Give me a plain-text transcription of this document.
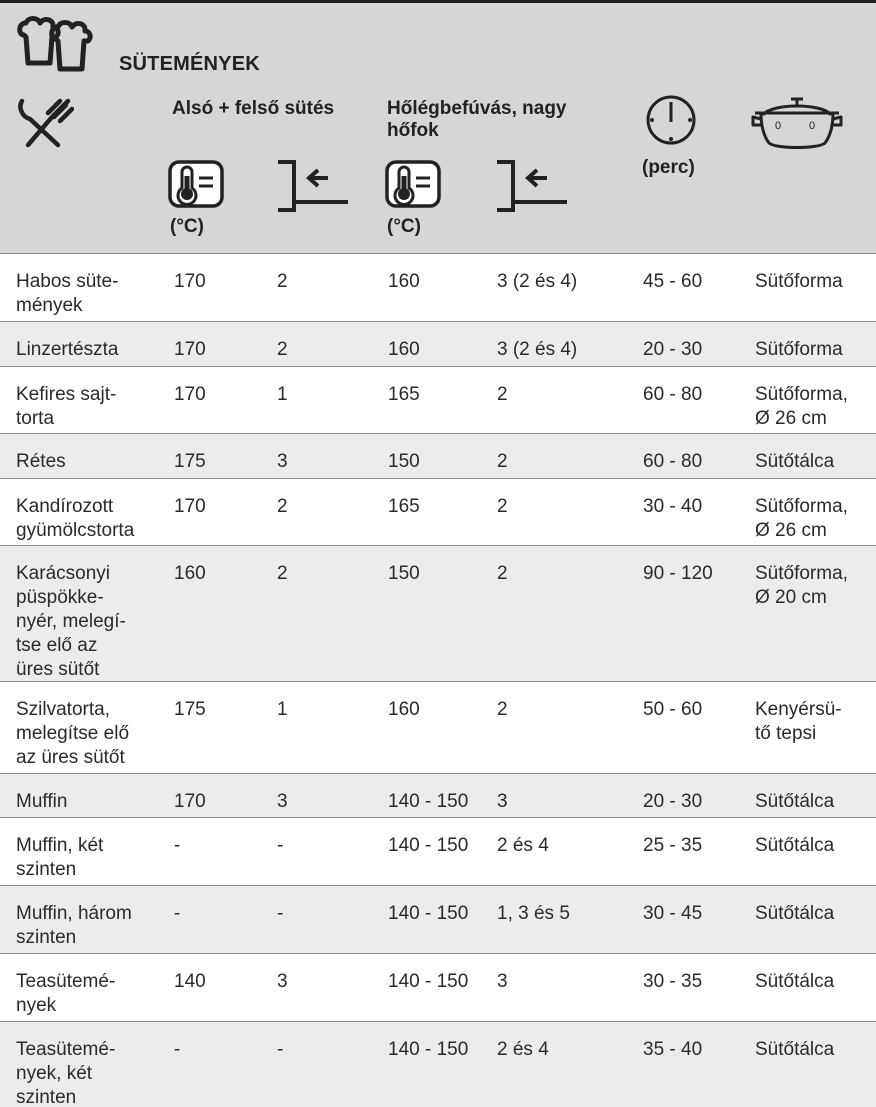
SÜTEMÉNYEK
Alsó + felső sütés	Hőlégbefúvás, nagy
hőfok
(perc)
0	0
(°C)	(°C)
Habos süte-
mények
170	2	160	3 (2 és 4)	45 - 60	Sütőforma
Linzertészta	170	2	160	3 (2 és 4)	20 - 30	Sütőforma
Kefires sajt-
torta
170	1	165	2	60 - 80	Sütőforma,
Ø 26 cm
Rétes	175	3	150	2	60 - 80	Sütőtálca
Kandírozott
gyümölcstorta
170	2	165	2	30 - 40	Sütőforma,
Ø 26 cm
Karácsonyi
püspökke-
nyér, melegí-
tse elő az
üres sütőt
160	2	150	2	90 - 120 Sütőforma,
Ø 20 cm
Szilvatorta,
melegítse elő
az üres sütőt
175	1	160	2	50 - 60	Kenyérsü-
tő tepsi
Muffin	170	3	140 - 150 3	20 - 30	Sütőtálca
Muffin, két
szinten
-	-	140 - 150 2 és 4	25 - 35	Sütőtálca
Muffin, három
szinten
-	-	140 - 150 1, 3 és 5	30 - 45	Sütőtálca
Teasütemé-
nyek
140	3	140 - 150 3	30 - 35	Sütőtálca
Teasütemé-
nyek, két
szinten
-	-	140 - 150 2 és 4	35 - 40	Sütőtálca
